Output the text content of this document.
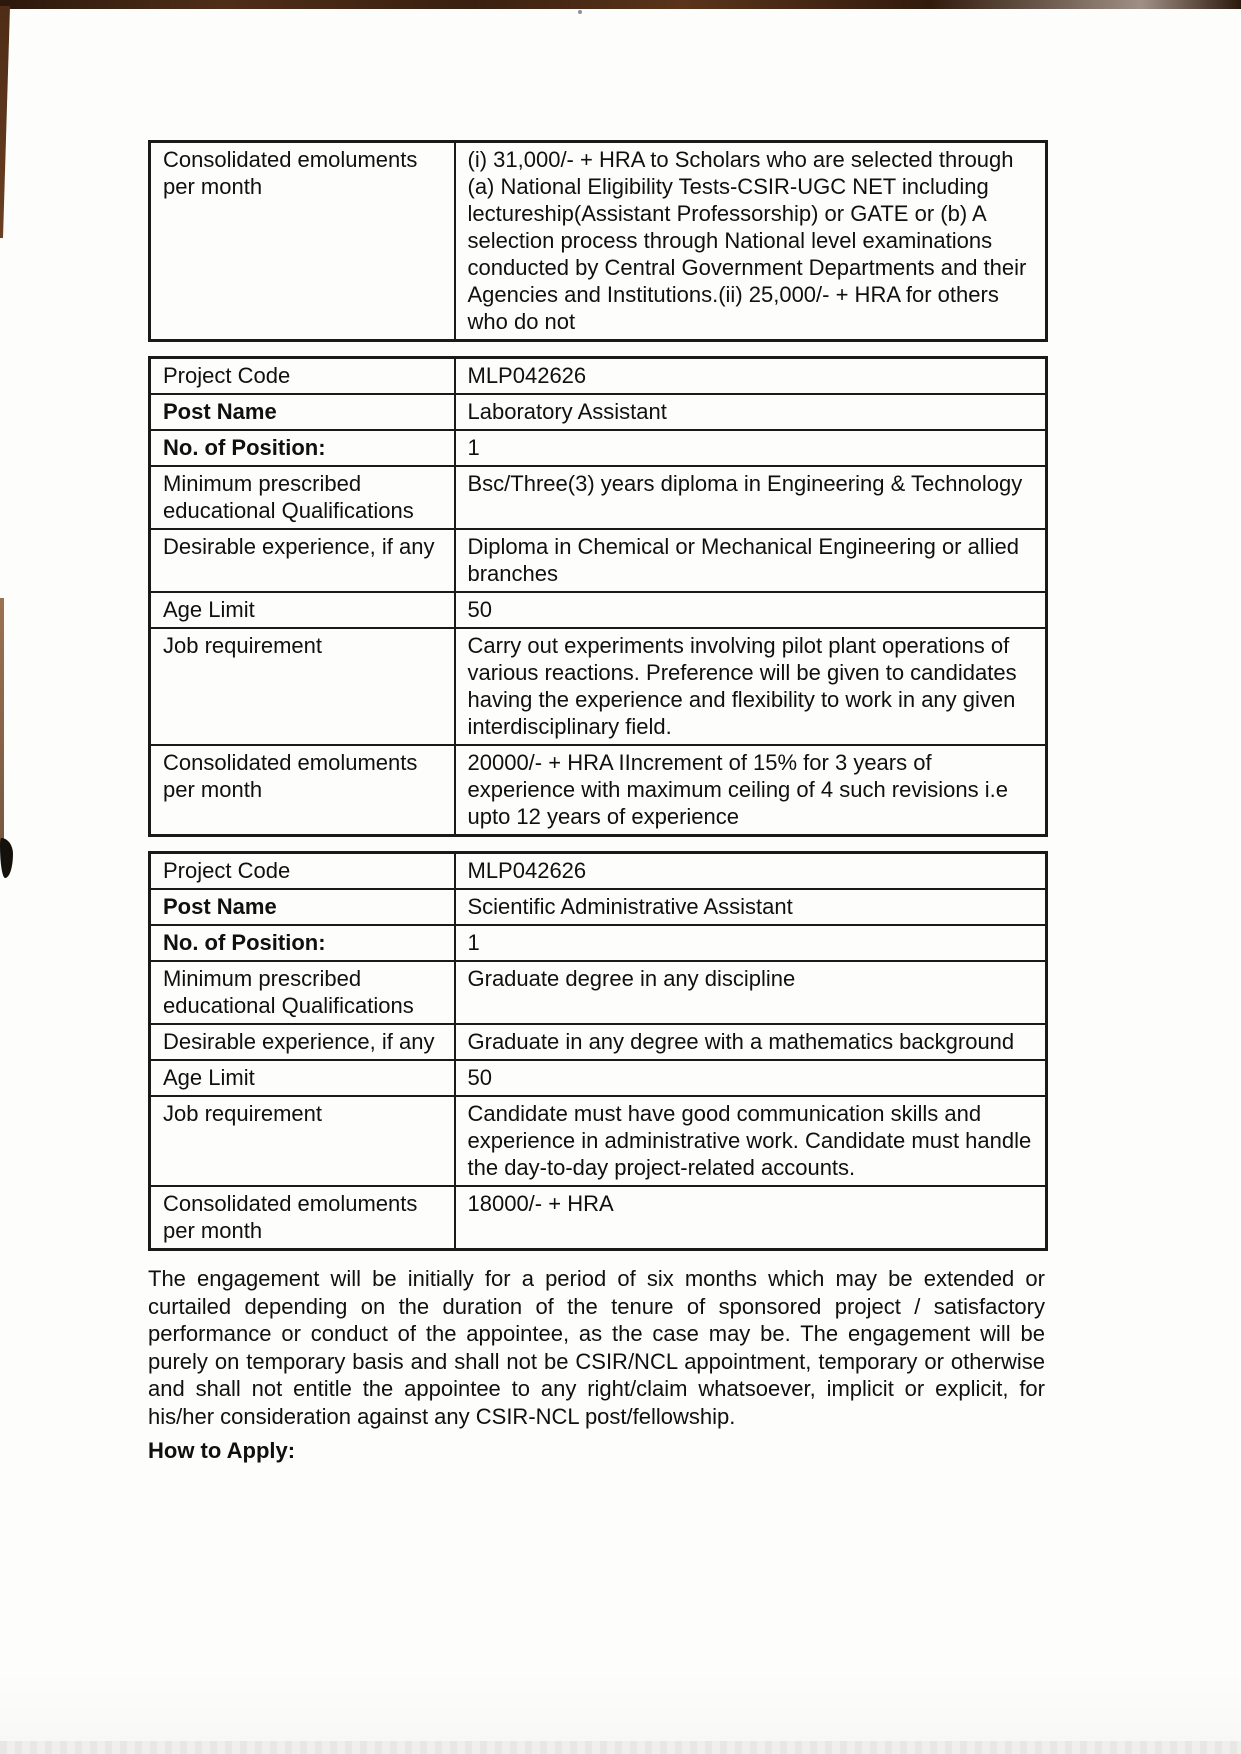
Consolidated emoluments per month	(i) 31,000/- + HRA to Scholars who are selected through (a) National Eligibility Tests-CSIR-UGC NET including lectureship(Assistant Professorship) or GATE or (b) A selection process through National level examinations conducted by Central Government Departments and their Agencies and Institutions.(ii) 25,000/- + HRA for others who do not
Project Code	MLP042626
Post Name	Laboratory Assistant
No. of Position:	1
Minimum prescribed educational Qualifications	Bsc/Three(3) years diploma in Engineering & Technology
Desirable experience, if any	Diploma in Chemical or Mechanical Engineering or allied branches
Age Limit	50
Job requirement	Carry out experiments involving pilot plant operations of various reactions. Preference will be given to candidates having the experience and flexibility to work in any given interdisciplinary field.
Consolidated emoluments per month	20000/- + HRA IIncrement of 15% for 3 years of experience with maximum ceiling of 4 such revisions i.e upto 12 years of experience
Project Code	MLP042626
Post Name	Scientific Administrative Assistant
No. of Position:	1
Minimum prescribed educational Qualifications	Graduate degree in any discipline
Desirable experience, if any	Graduate in any degree with a mathematics background
Age Limit	50
Job requirement	Candidate must have good communication skills and experience in administrative work. Candidate must handle the day-to-day project-related accounts.
Consolidated emoluments per month	18000/- + HRA

The engagement will be initially for a period of six months which may be extended or curtailed depending on the duration of the tenure of sponsored project / satisfactory performance or conduct of the appointee, as the case may be. The engagement will be purely on temporary basis and shall not be CSIR/NCL appointment, temporary or otherwise and shall not entitle the appointee to any right/claim whatsoever, implicit or explicit, for his/her consideration against any CSIR-NCL post/fellowship.

How to Apply:
